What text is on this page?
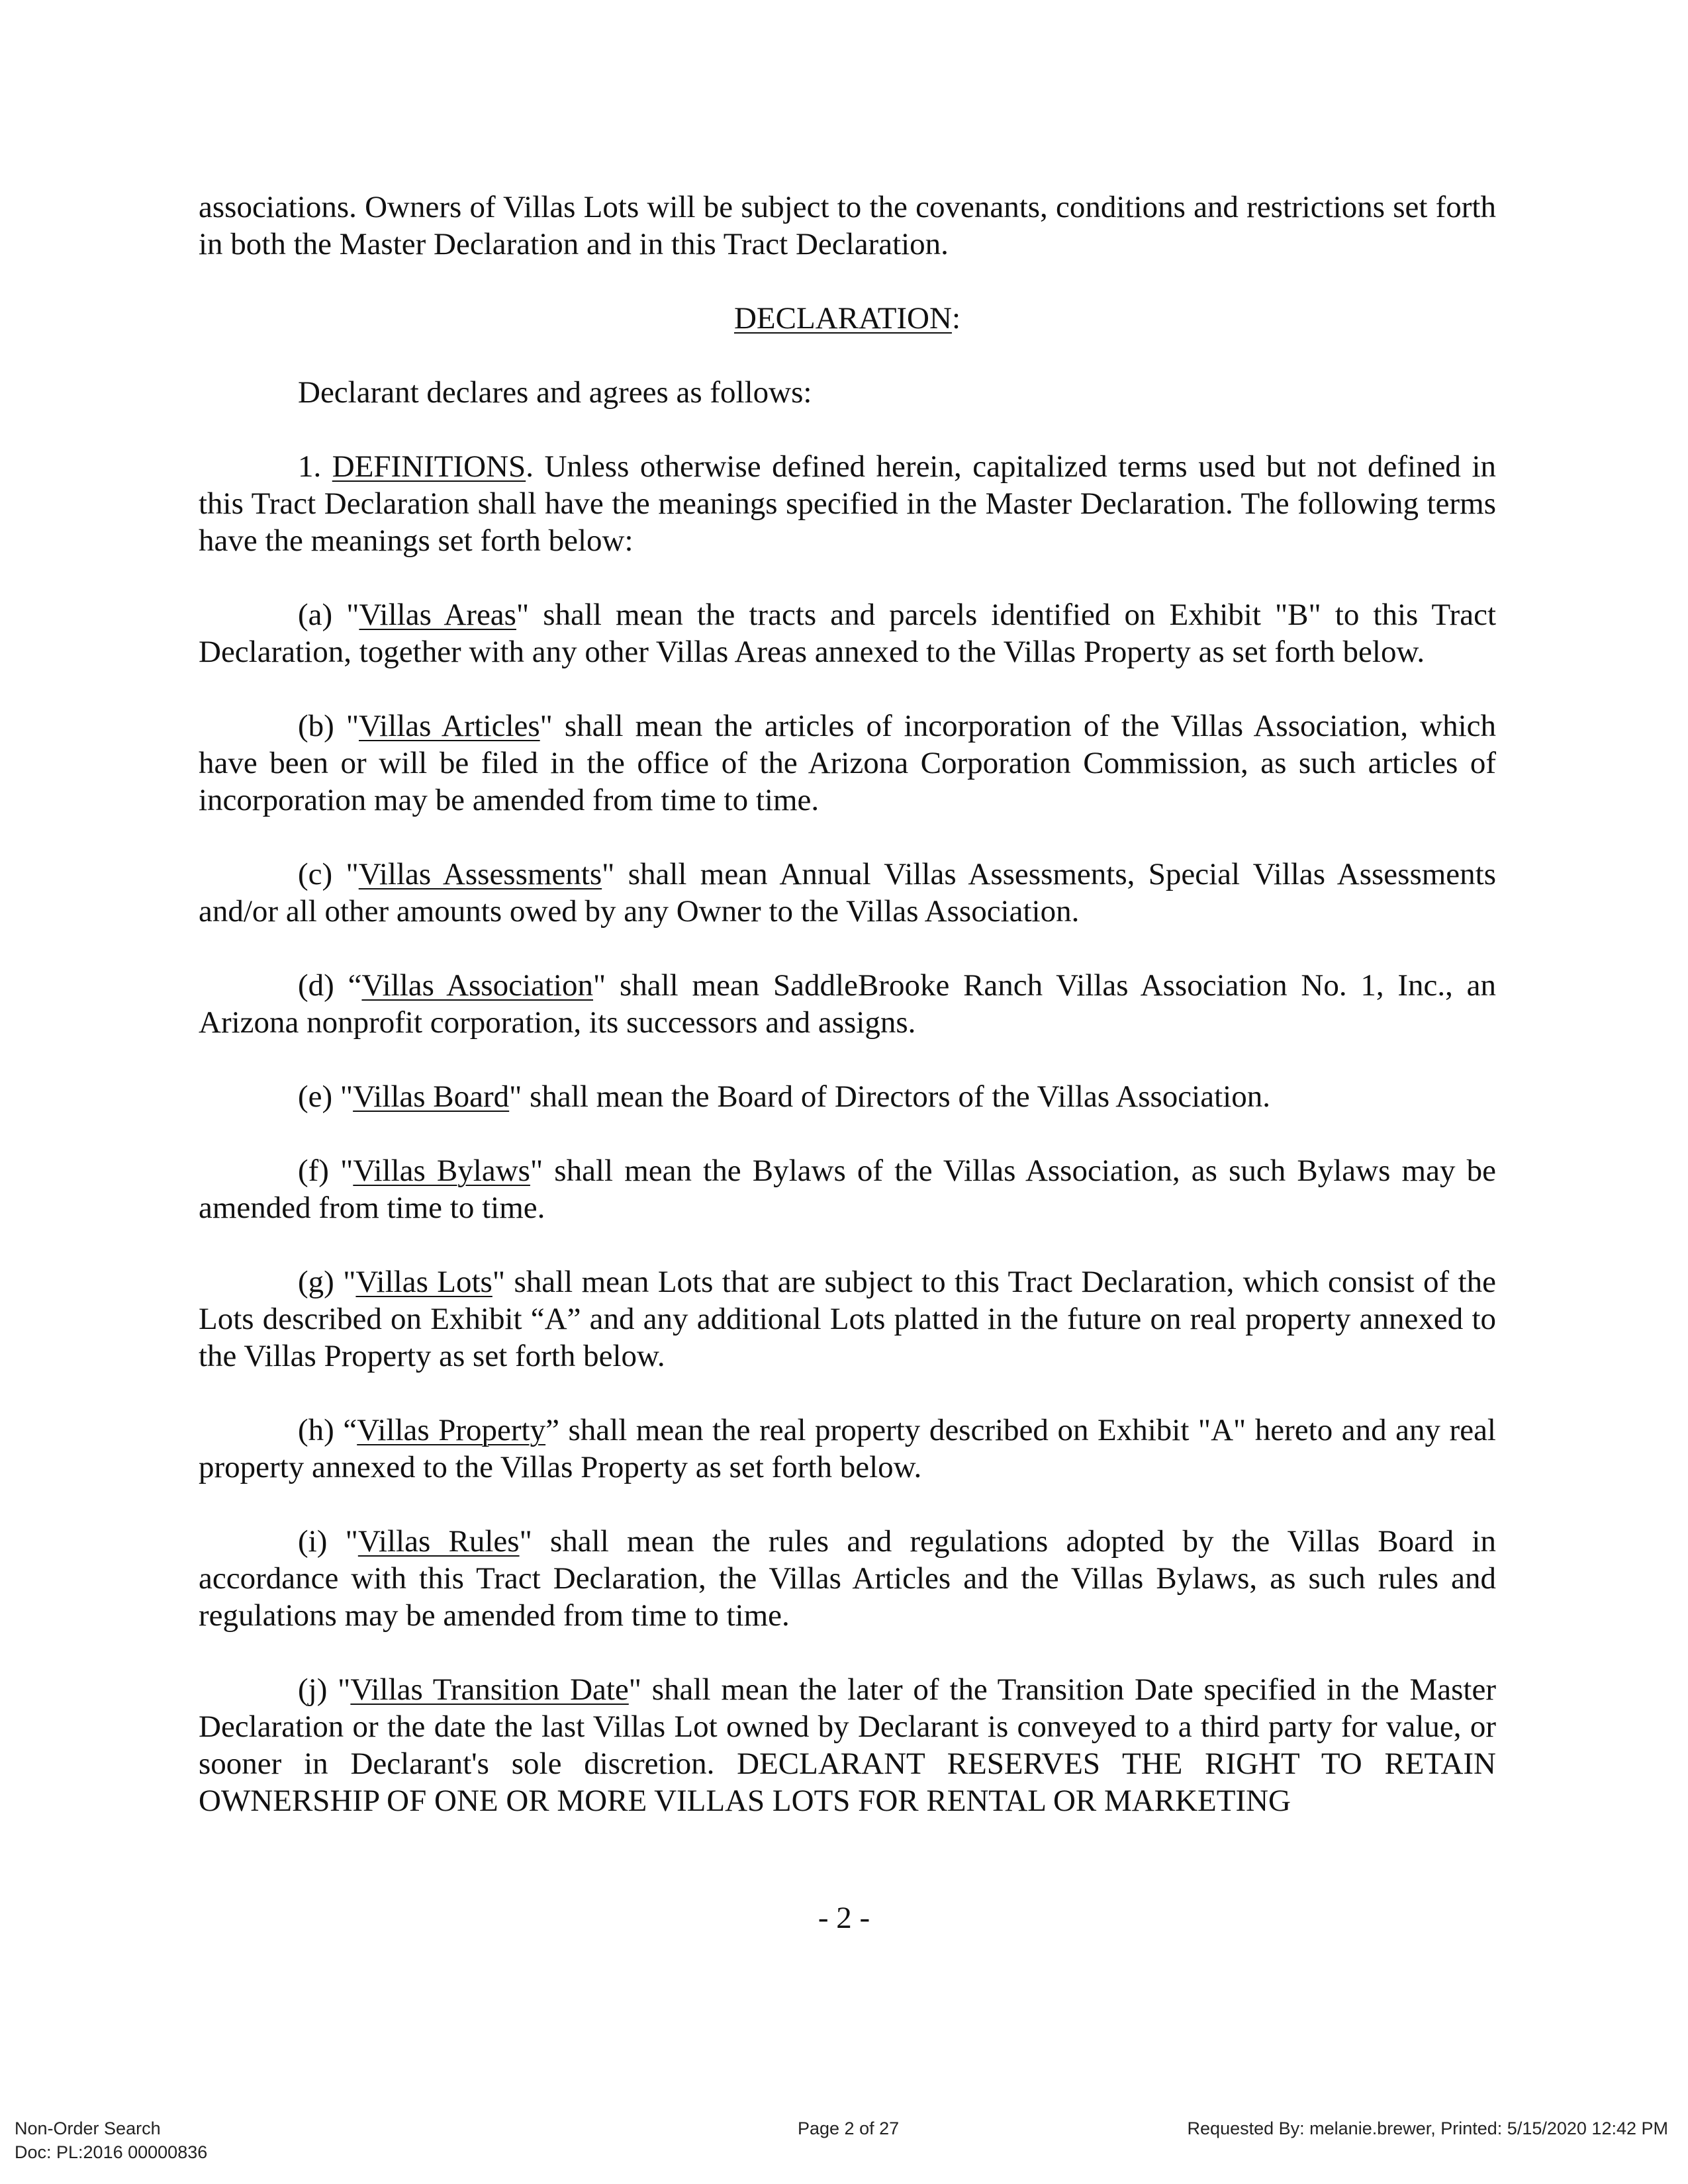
associations. Owners of Villas Lots will be subject to the covenants, conditions and restrictions set forth in both the Master Declaration and in this Tract Declaration.

DECLARATION:

Declarant declares and agrees as follows:

1. DEFINITIONS. Unless otherwise defined herein, capitalized terms used but not defined in this Tract Declaration shall have the meanings specified in the Master Declaration. The following terms have the meanings set forth below:

(a) "Villas Areas" shall mean the tracts and parcels identified on Exhibit "B" to this Tract Declaration, together with any other Villas Areas annexed to the Villas Property as set forth below.

(b) "Villas Articles" shall mean the articles of incorporation of the Villas Association, which have been or will be filed in the office of the Arizona Corporation Commission, as such articles of incorporation may be amended from time to time.

(c) "Villas Assessments" shall mean Annual Villas Assessments, Special Villas Assessments and/or all other amounts owed by any Owner to the Villas Association.

(d) “Villas Association" shall mean SaddleBrooke Ranch Villas Association No. 1, Inc., an Arizona nonprofit corporation, its successors and assigns.

(e) "Villas Board" shall mean the Board of Directors of the Villas Association.

(f) "Villas Bylaws" shall mean the Bylaws of the Villas Association, as such Bylaws may be amended from time to time.

(g) "Villas Lots" shall mean Lots that are subject to this Tract Declaration, which consist of the Lots described on Exhibit “A” and any additional Lots platted in the future on real property annexed to the Villas Property as set forth below.

(h) “Villas Property” shall mean the real property described on Exhibit "A" hereto and any real property annexed to the Villas Property as set forth below.

(i) "Villas Rules" shall mean the rules and regulations adopted by the Villas Board in accordance with this Tract Declaration, the Villas Articles and the Villas Bylaws, as such rules and regulations may be amended from time to time.

(j) "Villas Transition Date" shall mean the later of the Transition Date specified in the Master Declaration or the date the last Villas Lot owned by Declarant is conveyed to a third party for value, or sooner in Declarant's sole discretion. DECLARANT RESERVES THE RIGHT TO RETAIN OWNERSHIP OF ONE OR MORE VILLAS LOTS FOR RENTAL OR MARKETING

- 2 -
Non-Order Search
Doc: PL:2016 00000836
Page 2 of 27	Requested By: melanie.brewer, Printed: 5/15/2020 12:42 PM
